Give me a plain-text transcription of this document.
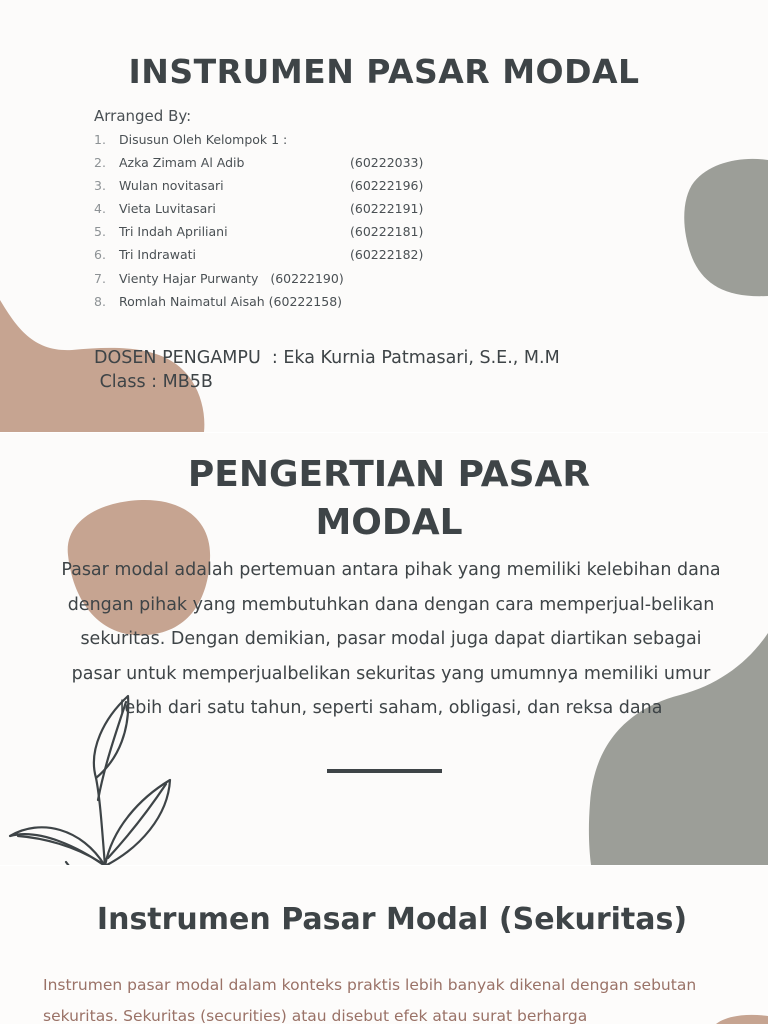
INSTRUMEN PASAR MODAL
Arranged By:
1. Disusun Oleh Kelompok 1 :
2. Azka Zimam Al Adib	(60222033)
3. Wulan novitasari	(60222196)
4. Vieta Luvitasari	(60222191)
5. Tri Indah Apriliani	(60222181)
6. Tri Indrawati	(60222182)
7. Vienty Hajar Purwanty   (60222190)
8. Romlah Naimatul Aisah (60222158)
DOSEN PENGAMPU  : Eka Kurnia Patmasari, S.E., M.M
Class : MB5B
PENGERTIAN PASAR
MODAL

Pasar modal adalah pertemuan antara pihak yang memiliki kelebihan dana dengan pihak yang membutuhkan dana dengan cara memperjual-belikan sekuritas. Dengan demikian, pasar modal juga dapat diartikan sebagai pasar untuk memperjualbelikan sekuritas yang umumnya memiliki umur lebih dari satu tahun, seperti saham, obligasi, dan reksa dana

Instrumen Pasar Modal (Sekuritas)

Instrumen pasar modal dalam konteks praktis lebih banyak dikenal dengan sebutan sekuritas. Sekuritas (securities) atau disebut efek atau surat berharga
